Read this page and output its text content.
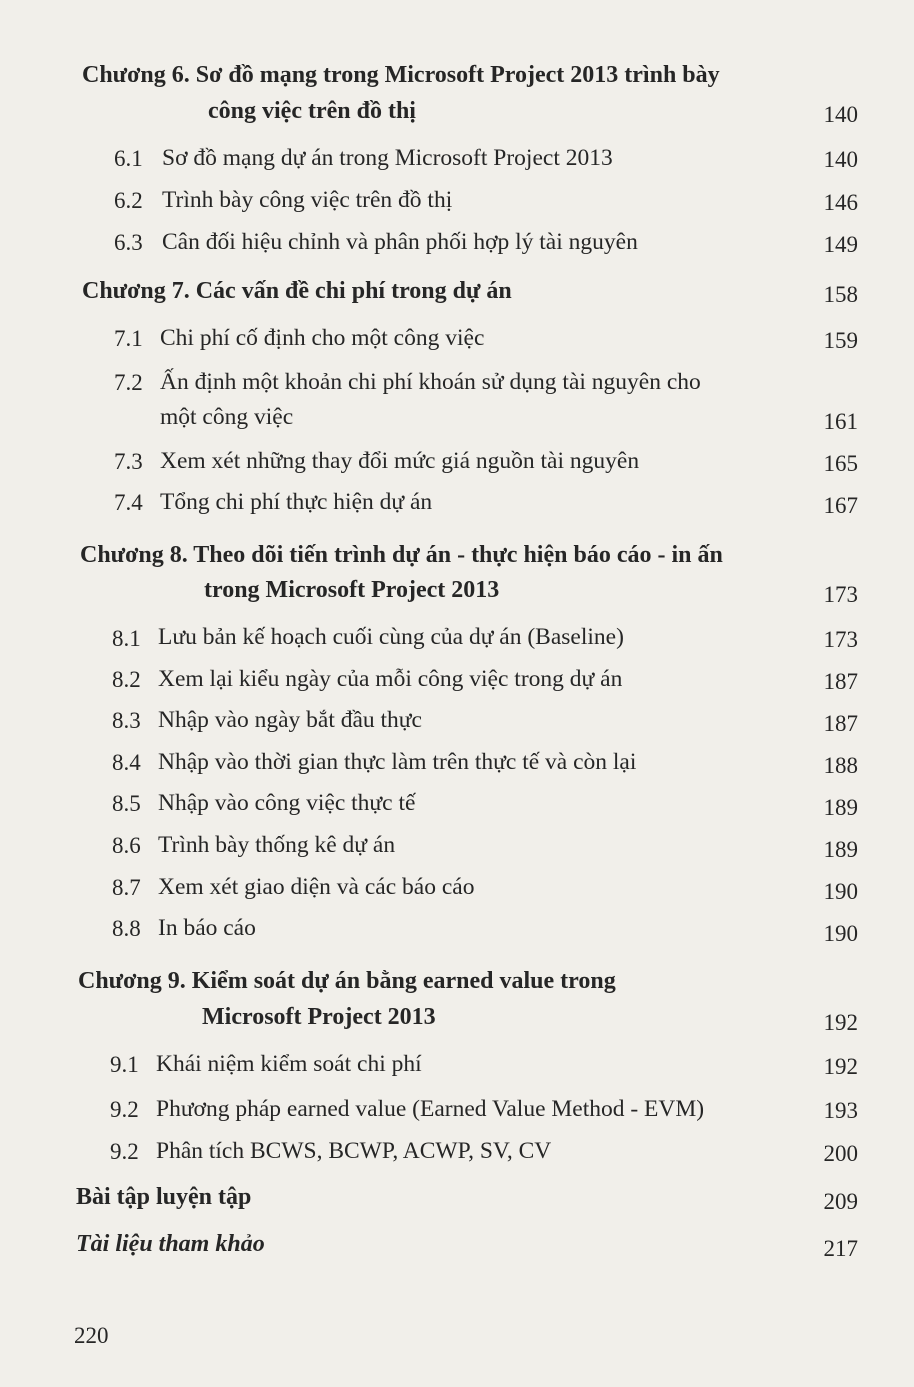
Chương 6. Sơ đồ mạng trong Microsoft Project 2013 trình bày
công việc trên đồ thị	140
6.1 Sơ đồ mạng dự án trong Microsoft Project 2013	140
6.2 Trình bày công việc trên đồ thị	146
6.3 Cân đối hiệu chỉnh và phân phối hợp lý tài nguyên	149
Chương 7. Các vấn đề chi phí trong dự án	158
7.1 Chi phí cố định cho một công việc	159
7.2 Ấn định một khoản chi phí khoán sử dụng tài nguyên cho
một công việc	161
7.3 Xem xét những thay đổi mức giá nguồn tài nguyên	165
7.4 Tổng chi phí thực hiện dự án	167
Chương 8. Theo dõi tiến trình dự án - thực hiện báo cáo - in ấn
trong Microsoft Project 2013	173
8.1 Lưu bản kế hoạch cuối cùng của dự án (Baseline)	173
8.2 Xem lại kiểu ngày của mỗi công việc trong dự án	187
8.3 Nhập vào ngày bắt đầu thực	187
8.4 Nhập vào thời gian thực làm trên thực tế và còn lại	188
8.5 Nhập vào công việc thực tế	189
8.6 Trình bày thống kê dự án	189
8.7 Xem xét giao diện và các báo cáo	190
8.8 In báo cáo	190
Chương 9. Kiểm soát dự án bằng earned value trong
Microsoft Project 2013	192
9.1 Khái niệm kiểm soát chi phí	192
9.2 Phương pháp earned value (Earned Value Method - EVM)	193
9.2 Phân tích BCWS, BCWP, ACWP, SV, CV	200
Bài tập luyện tập	209
Tài liệu tham khảo	217
220
